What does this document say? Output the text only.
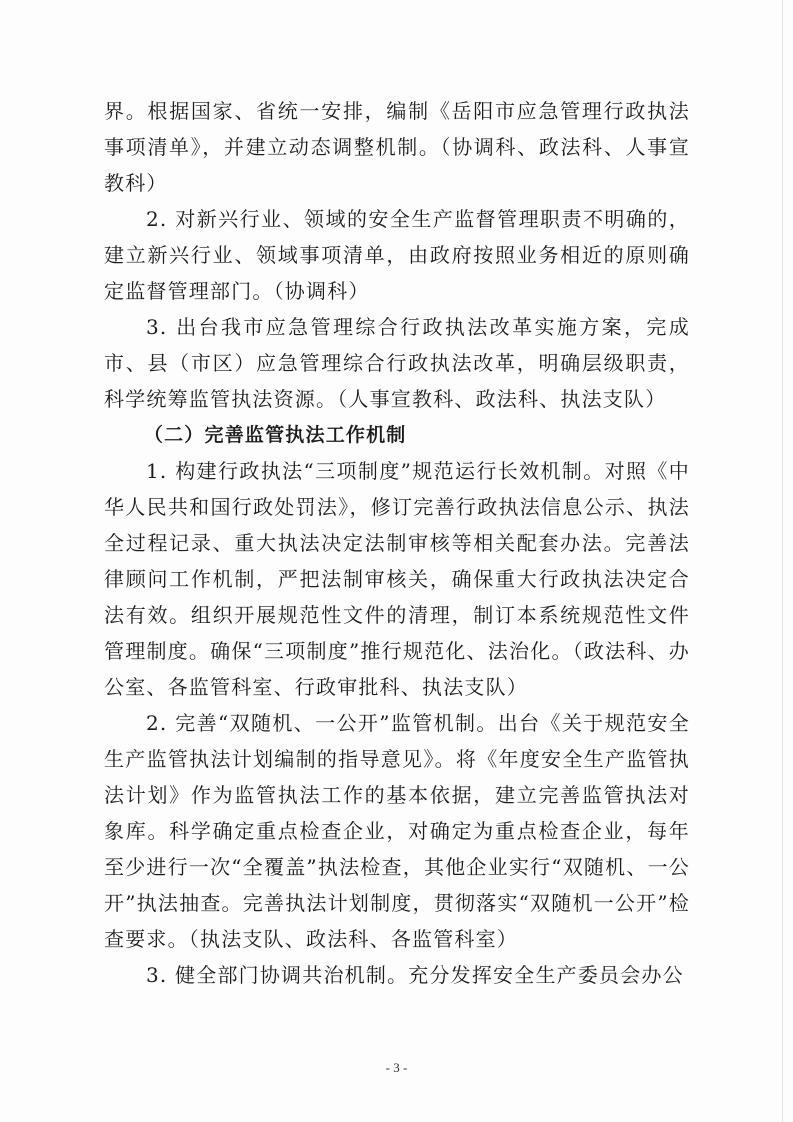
界。根据国家、省统一安排，编制《岳阳市应急管理行政执法事项清单》，并建立动态调整机制。（协调科、政法科、人事宣教科）

2. 对新兴行业、领域的安全生产监督管理职责不明确的，建立新兴行业、领域事项清单，由政府按照业务相近的原则确定监督管理部门。（协调科）

3. 出台我市应急管理综合行政执法改革实施方案，完成市、县（市区）应急管理综合行政执法改革，明确层级职责，科学统筹监管执法资源。（人事宣教科、政法科、执法支队）

（二）完善监管执法工作机制

1. 构建行政执法“三项制度”规范运行长效机制。对照《中华人民共和国行政处罚法》，修订完善行政执法信息公示、执法全过程记录、重大执法决定法制审核等相关配套办法。完善法律顾问工作机制，严把法制审核关，确保重大行政执法决定合法有效。组织开展规范性文件的清理，制订本系统规范性文件管理制度。确保“三项制度”推行规范化、法治化。（政法科、办公室、各监管科室、行政审批科、执法支队）

2. 完善“双随机、一公开”监管机制。出台《关于规范安全生产监管执法计划编制的指导意见》。将《年度安全生产监管执法计划》作为监管执法工作的基本依据，建立完善监管执法对象库。科学确定重点检查企业，对确定为重点检查企业，每年至少进行一次“全覆盖”执法检查，其他企业实行“双随机、一公开”执法抽查。完善执法计划制度，贯彻落实“双随机一公开”检查要求。（执法支队、政法科、各监管科室）

3. 健全部门协调共治机制。充分发挥安全生产委员会办公

- 3 -
